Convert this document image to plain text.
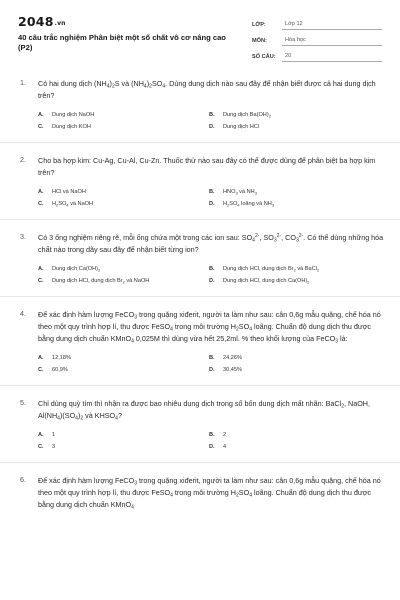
2048.vn
40 câu trắc nghiệm Phân biệt một số chất vô cơ nâng cao (P2)
LỚP:	Lớp 12
MÔN:	Hóa học
SỐ CÂU:	20
1. Có hai dung dịch $(NH_4)_2S$ và $(NH_4)_2SO_4$. Dùng dung dịch nào sau đây để nhận biết được cả hai dung dịch trên?
A.	Dung dịch NaOH	B.	Dung dịch $Ba(OH)_2$
C.	Dung dịch KOH	D.	Dung dịch HCl
2. Cho ba hợp kim: Cu-Ag, Cu-Al, Cu-Zn. Thuốc thử nào sau đây có thể được dùng để phân biệt ba hợp kim trên?
A.	HCl và NaOH	B.	$HNO_3$ và $NH_3$
C.	$H_2SO_4$ và NaOH	D.	$H_2SO_4$ loãng và $NH_3$
3. Có 3 ống nghiệm riêng rẽ, mỗi ống chứa một trong các ion sau: $SO_4^{2-}$, $SO_3^{2-}$, $CO_3^{2-}$. Có thể dùng những hóa chất nào trong dãy sau đây để nhận biết từng ion?
A.	Dung dịch $Ca(OH)_2$	B.	Dung dịch HCl, dung dịch $Br_2$ và BaCl$_2$
C.	Dung dịch HCl, dung dịch $Br_2$ và NaOH	D.	Dung dịch HCl, dung dịch $Ca(OH)_2$
4. Để xác định hàm lượng FeCO$_3$ trong quặng xiđerit, người ta làm như sau: cân 0,6g mẫu quặng, chế hóa nó theo một quy trình hợp lí, thu được FeSO$_4$ trong môi trường $H_2SO_4$ loãng. Chuẩn độ dung dịch thu được bằng dung dịch chuẩn KMnO$_4$ 0,025M thì dùng vừa hết 25,2ml. % theo khối lượng của FeCO$_3$ là:
A.	12,18%	B.	24,26%
C.	60,9%	D.	30,45%
5. Chỉ dùng quỳ tím thì nhận ra được bao nhiêu dung dịch trong số bốn dung dịch mất nhãn: BaCl$_2$, NaOH, $Al(NH_4)(SO_4)_2$ và $KHSO_4$?
A.	1	B.	2
C.	3	D.	4
6. Để xác định hàm lượng FeCO$_3$ trong quặng xiđerit, người ta làm như sau: cân 0,6g mẫu quặng, chế hóa nó theo một quy trình hợp lí, thu được FeSO$_4$ trong môi trường $H_2SO_4$ loãng. Chuẩn độ dung dịch thu được bằng dung dịch chuẩn KMnO$_4$
